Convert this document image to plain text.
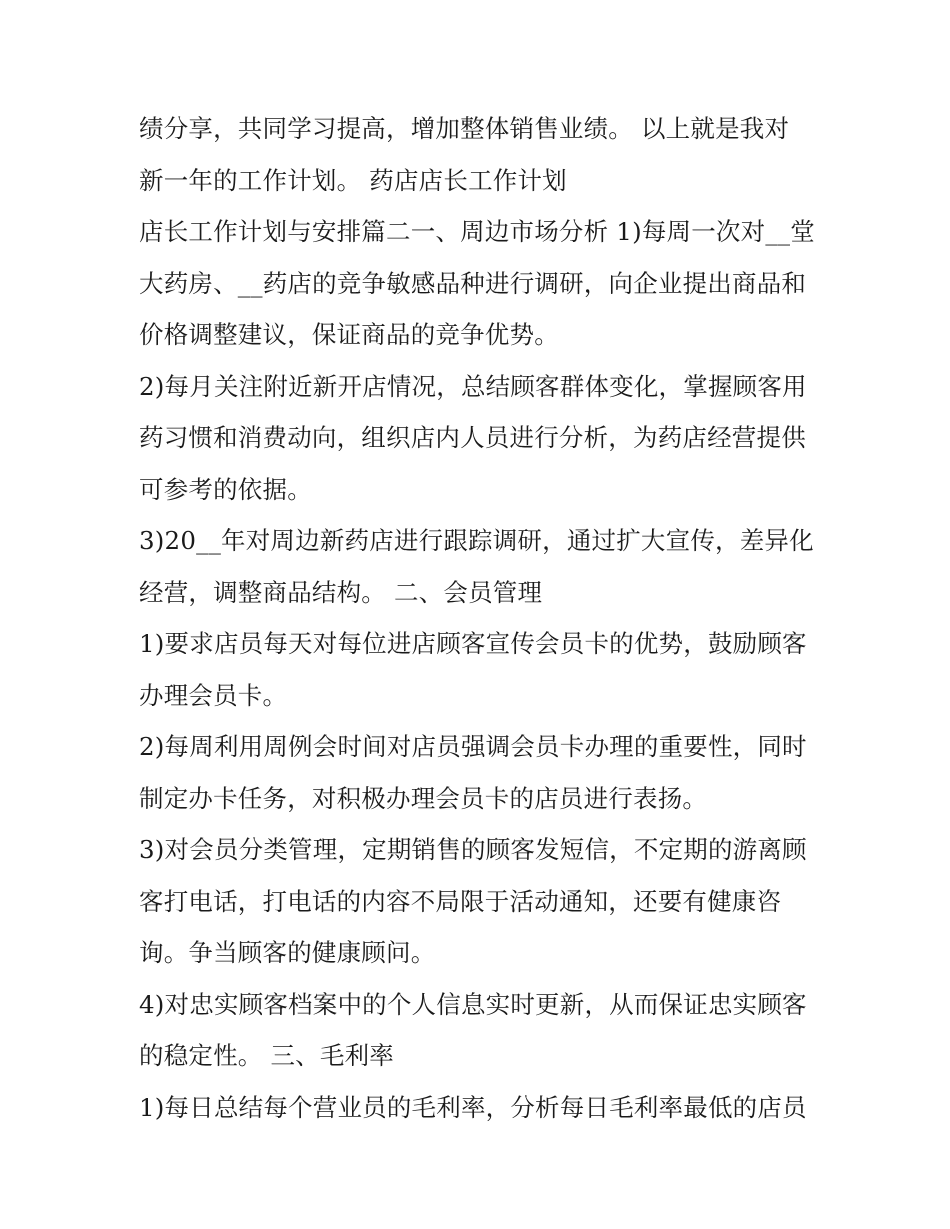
绩分享，共同学习提高，增加整体销售业绩。 以上就是我对
新一年的工作计划。 药店店长工作计划
店长工作计划与安排篇二一、周边市场分析 1)每周一次对__堂
大药房、__药店的竞争敏感品种进行调研，向企业提出商品和
价格调整建议，保证商品的竞争优势。
2)每月关注附近新开店情况，总结顾客群体变化，掌握顾客用
药习惯和消费动向，组织店内人员进行分析，为药店经营提供
可参考的依据。
3)20__年对周边新药店进行跟踪调研，通过扩大宣传，差异化
经营，调整商品结构。 二、会员管理
1)要求店员每天对每位进店顾客宣传会员卡的优势，鼓励顾客
办理会员卡。
2)每周利用周例会时间对店员强调会员卡办理的重要性，同时
制定办卡任务，对积极办理会员卡的店员进行表扬。
3)对会员分类管理，定期销售的顾客发短信，不定期的游离顾
客打电话，打电话的内容不局限于活动通知，还要有健康咨
询。争当顾客的健康顾问。
4)对忠实顾客档案中的个人信息实时更新，从而保证忠实顾客
的稳定性。 三、毛利率
1)每日总结每个营业员的毛利率，分析每日毛利率最低的店员
